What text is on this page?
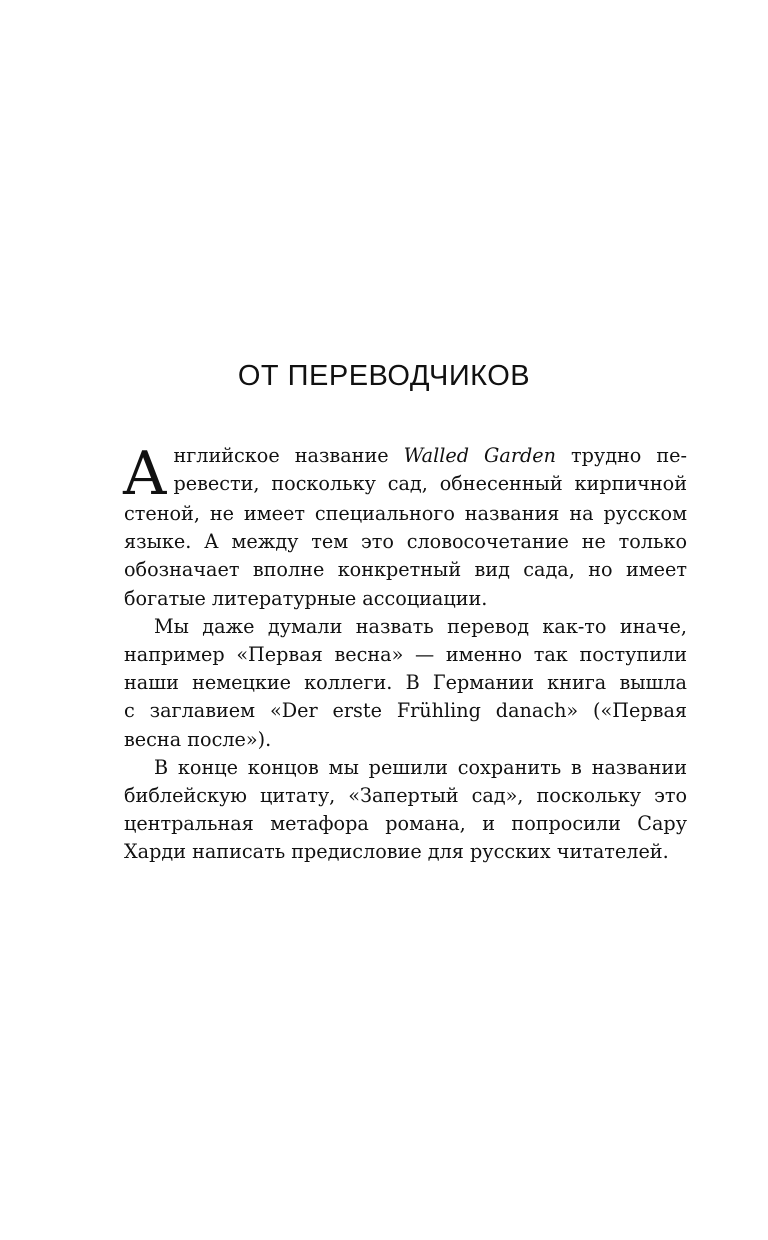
ОТ ПЕРЕВОДЧИКОВ
А нглийское название Walled Garden трудно пе-
ревести, поскольку сад, обнесенный кирпичной
стеной, не имеет специального названия на русском
языке. А между тем это словосочетание не только
обозначает вполне конкретный вид сада, но имеет
богатые литературные ассоциации.
Мы даже думали назвать перевод как-то иначе,
например «Первая весна» — именно так поступили
наши немецкие коллеги. В Германии книга вышла
с заглавием «Der erste Frühling danach» («Первая
весна после»).
В конце концов мы решили сохранить в названии
библейскую цитату, «Запертый сад», поскольку это
центральная метафора романа, и попросили Сару
Харди написать предисловие для русских читателей.
